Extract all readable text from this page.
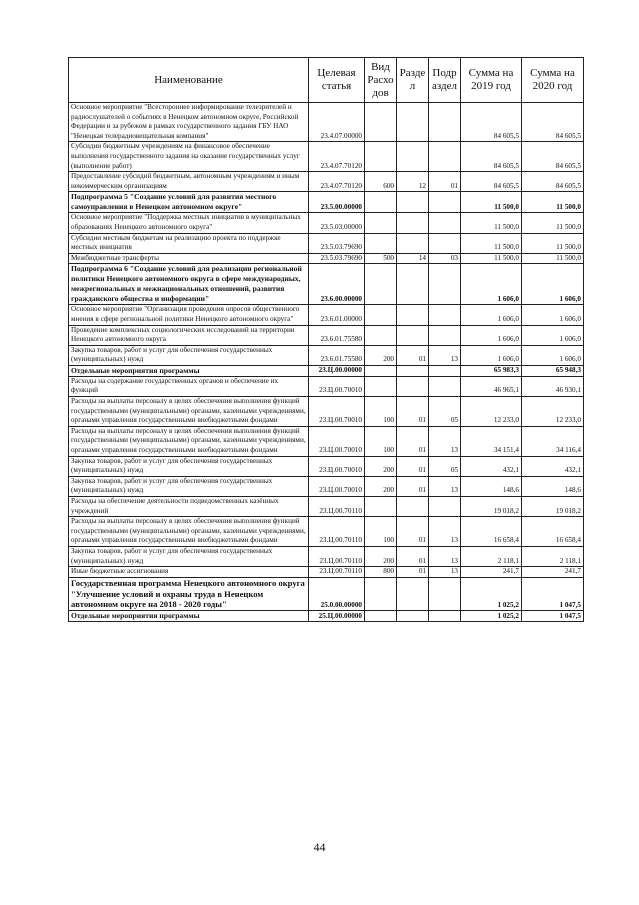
Наименование	Целевая статья	Вид Расхо дов	Разде л	Подр аздел	Сумма на 2019 год	Сумма на 2020 год
Основное мероприятие "Всестороннее информирование телезрителей и радиослушателей о событиях в Ненецком автономном округе, Российской Федерации и за рубежом в рамках государственного задания ГБУ НАО "Ненецкая телерадиовещательная компания"	23.4.07.00000				84 605,5	84 605,5
Субсидии бюджетным учреждениям на финансовое обеспечение выполнения государственного задания на оказание государственных услуг (выполнение работ)	23.4.07.70120				84 605,5	84 605,5
Предоставление субсидий бюджетным, автономным учреждениям и иным некоммерческим организациям	23.4.07.70120	600	12	01	84 605,5	84 605,5
Подпрограмма 5 "Создание условий для развития местного самоуправления в Ненецком автономном округе"	23.5.00.00000				11 500,0	11 500,0
Основное мероприятие "Поддержка местных инициатив в муниципальных образованиях Ненецкого автономного округа"	23.5.03.00000				11 500,0	11 500,0
Субсидии местным бюджетам на реализацию проекта по поддержке местных инициатив	23.5.03.79690				11 500,0	11 500,0
Межбюджетные трансферты	23.5.03.79690	500	14	03	11 500,0	11 500,0
Подпрограмма 6 "Создание условий для реализации региональной политики Ненецкого автономного округа в сфере международных, межрегиональных и межнациональных отношений, развития гражданского общества и информации"	23.6.00.00000				1 606,0	1 606,0
Основное мероприятие "Организация проведения опросов общественного мнения в сфере региональной политики Ненецкого автономного округа"	23.6.01.00000				1 606,0	1 606,0
Проведение комплексных социологических исследований на территории Ненецкого автономного округа	23.6.01.75580				1 606,0	1 606,0
Закупка товаров, работ и услуг для обеспечения государственных (муниципальных) нужд	23.6.01.75580	200	01	13	1 606,0	1 606,0
Отдельные мероприятия программы	23.Ц.00.00000				65 983,3	65 948,3
Расходы на содержание государственных органов и обеспечение их функций	23.Ц.00.70010				46 965,1	46 930,1
Расходы на выплаты персоналу в целях обеспечения выполнения функций государственными (муниципальными) органами, казенными учреждениями, органами управления государственными внебюджетными фондами	23.Ц.00.70010	100	01	05	12 233,0	12 233,0
Расходы на выплаты персоналу в целях обеспечения выполнения функций государственными (муниципальными) органами, казенными учреждениями, органами управления государственными внебюджетными фондами	23.Ц.00.70010	100	01	13	34 151,4	34 116,4
Закупка товаров, работ и услуг для обеспечения государственных (муниципальных) нужд	23.Ц.00.70010	200	01	05	432,1	432,1
Закупка товаров, работ и услуг для обеспечения государственных (муниципальных) нужд	23.Ц.00.70010	200	01	13	148,6	148,6
Расходы на обеспечение деятельности подведомственных казённых учреждений	23.Ц.00.70110				19 018,2	19 018,2
Расходы на выплаты персоналу в целях обеспечения выполнения функций государственными (муниципальными) органами, казенными учреждениями, органами управления государственными внебюджетными фондами	23.Ц.00.70110	100	01	13	16 658,4	16 658,4
Закупка товаров, работ и услуг для обеспечения государственных (муниципальных) нужд	23.Ц.00.70110	200	01	13	2 118,1	2 118,1
Иные бюджетные ассигнования	23.Ц.00.70110	800	01	13	241,7	241,7
Государственная программа Ненецкого автономного округа "Улучшение условий и охраны труда в Ненецком автономном округе на 2018 - 2020 годы"	25.0.00.00000				1 025,2	1 047,5
Отдельные мероприятия программы	25.Ц.00.00000				1 025,2	1 047,5
44
